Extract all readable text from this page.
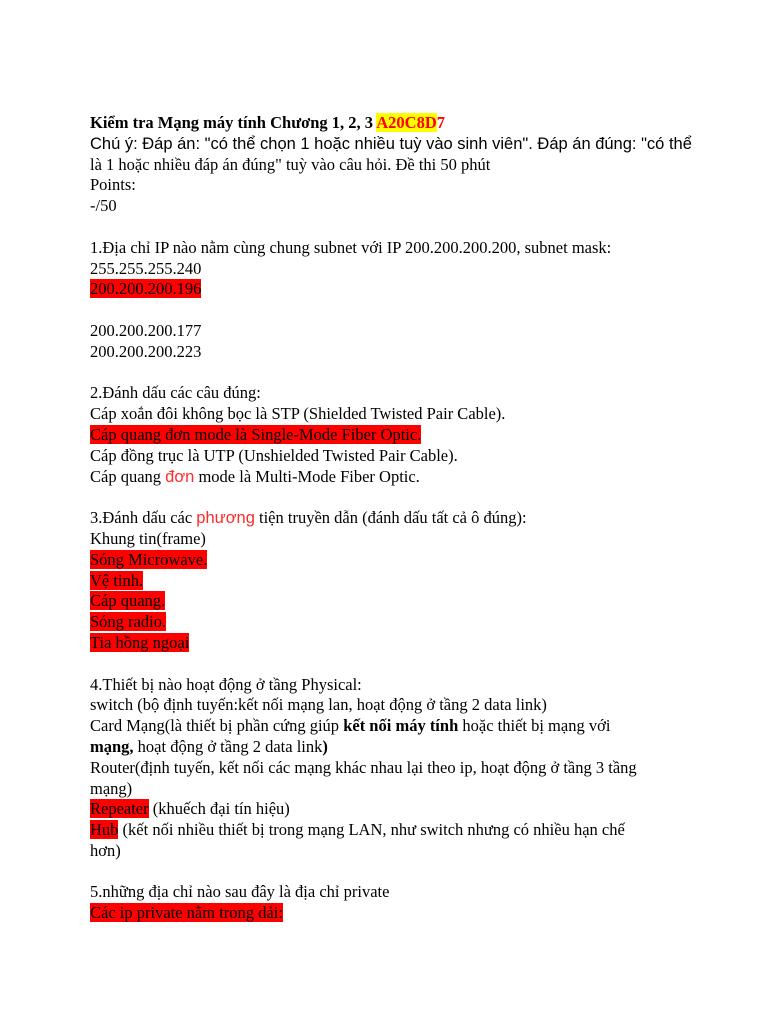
Kiểm tra Mạng máy tính Chương 1, 2, 3 A20C8D7
Chú ý: Đáp án: "có thể chọn 1 hoặc nhiều tuỳ vào sinh viên". Đáp án đúng: "có thể
là 1 hoặc nhiều đáp án đúng" tuỳ vào câu hỏi. Đề thi 50 phút
Points:
-/50
1.Địa chỉ IP nào nằm cùng chung subnet với IP 200.200.200.200, subnet mask:
255.255.255.240
200.200.200.196
200.200.200.177
200.200.200.223
2.Đánh dấu các câu đúng:
Cáp xoắn đôi không bọc là STP (Shielded Twisted Pair Cable).
Cáp quang đơn mode là Single-Mode Fiber Optic.
Cáp đồng trục là UTP (Unshielded Twisted Pair Cable).
Cáp quang đơn mode là Multi-Mode Fiber Optic.
3.Đánh dấu các phương tiện truyền dẫn (đánh dấu tất cả ô đúng):
Khung tin(frame)
Sóng Microwave.
Vệ tinh.
Cáp quang.
Sóng radio.
Tia hồng ngoại
4.Thiết bị nào hoạt động ở tầng Physical:
switch (bộ định tuyến:kết nối mạng lan, hoạt động ở tầng 2 data link)
Card Mạng(là thiết bị phần cứng giúp kết nối máy tính hoặc thiết bị mạng với
mạng, hoạt động ở tầng 2 data link)
Router(định tuyến, kết nối các mạng khác nhau lại theo ip, hoạt động ở tầng 3 tầng
mạng)
Repeater (khuếch đại tín hiệu)
Hub (kết nối nhiều thiết bị trong mạng LAN, như switch nhưng có nhiều hạn chế
hơn)
5.những địa chỉ nào sau đây là địa chỉ private
Các ip private nằm trong dải:
